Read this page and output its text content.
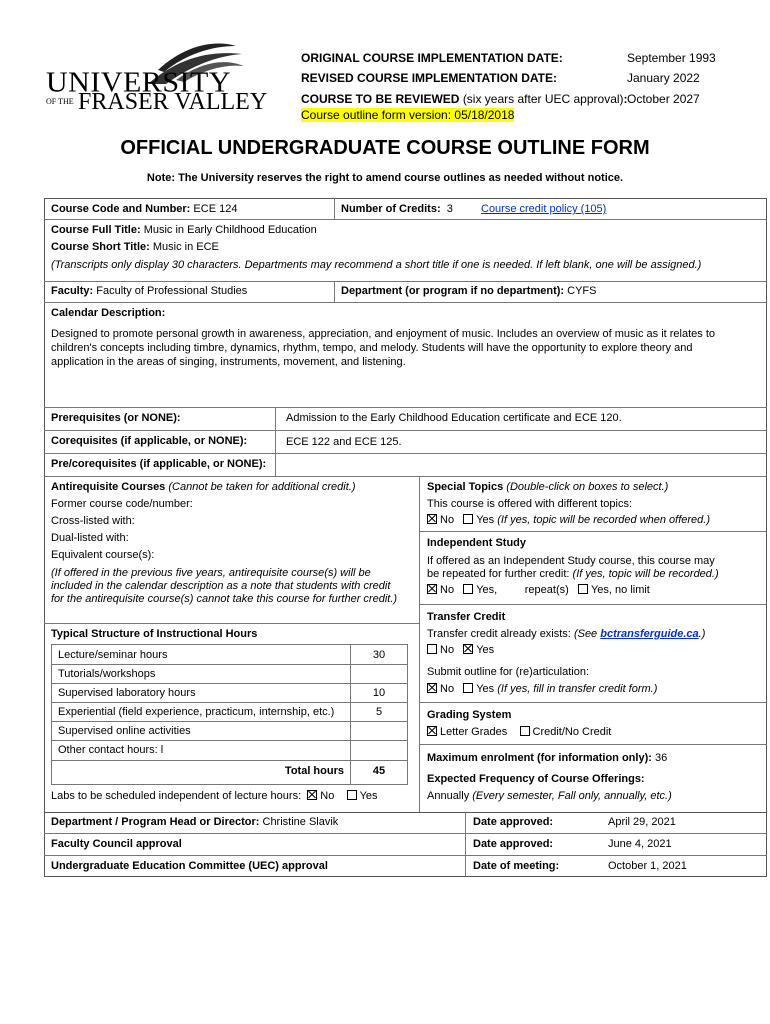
UNIVERSITY
OF THE FRASER VALLEY
ORIGINAL COURSE IMPLEMENTATION DATE:	September 1993
REVISED COURSE IMPLEMENTATION DATE:	January 2022
COURSE TO BE REVIEWED (six years after UEC approval): October 2027
Course outline form version: 05/18/2018
OFFICIAL UNDERGRADUATE COURSE OUTLINE FORM
Note: The University reserves the right to amend course outlines as needed without notice.
Course Code and Number: ECE 124	Number of Credits: 3	Course credit policy (105)
Course Full Title: Music in Early Childhood Education
Course Short Title: Music in ECE
(Transcripts only display 30 characters. Departments may recommend a short title if one is needed. If left blank, one will be assigned.)
Faculty: Faculty of Professional Studies	Department (or program if no department): CYFS
Calendar Description:
Designed to promote personal growth in awareness, appreciation, and enjoyment of music. Includes an overview of music as it relates to children's concepts including timbre, dynamics, rhythm, tempo, and melody. Students will have the opportunity to explore theory and application in the areas of singing, instruments, movement, and listening.
Prerequisites (or NONE):	Admission to the Early Childhood Education certificate and ECE 120.
Corequisites (if applicable, or NONE):	ECE 122 and ECE 125.
Pre/corequisites (if applicable, or NONE):
Antirequisite Courses (Cannot be taken for additional credit.)
Former course code/number:
Cross-listed with:
Dual-listed with:
Equivalent course(s):
(If offered in the previous five years, antirequisite course(s) will be
included in the calendar description as a note that students with credit
for the antirequisite course(s) cannot take this course for further credit.)
Typical Structure of Instructional Hours
Lecture/seminar hours	30
Tutorials/workshops
Supervised laboratory hours	10
Experiential (field experience, practicum, internship, etc.)	5
Supervised online activities
Other contact hours: l
Total hours	45
Labs to be scheduled independent of lecture hours: No Yes
Special Topics (Double-click on boxes to select.)
This course is offered with different topics:
No Yes (If yes, topic will be recorded when offered.)
Independent Study
If offered as an Independent Study course, this course may
be repeated for further credit: (If yes, topic will be recorded.)
No Yes,	repeat(s) Yes, no limit
Transfer Credit
Transfer credit already exists: (See bctransferguide.ca.)
No Yes
Submit outline for (re)articulation:
No Yes (If yes, fill in transfer credit form.)
Grading System
Letter Grades Credit/No Credit
Maximum enrolment (for information only): 36
Expected Frequency of Course Offerings:
Annually (Every semester, Fall only, annually, etc.)
Department / Program Head or Director: Christine Slavik	Date approved:	April 29, 2021
Faculty Council approval	Date approved:	June 4, 2021
Undergraduate Education Committee (UEC) approval	Date of meeting:	October 1, 2021
